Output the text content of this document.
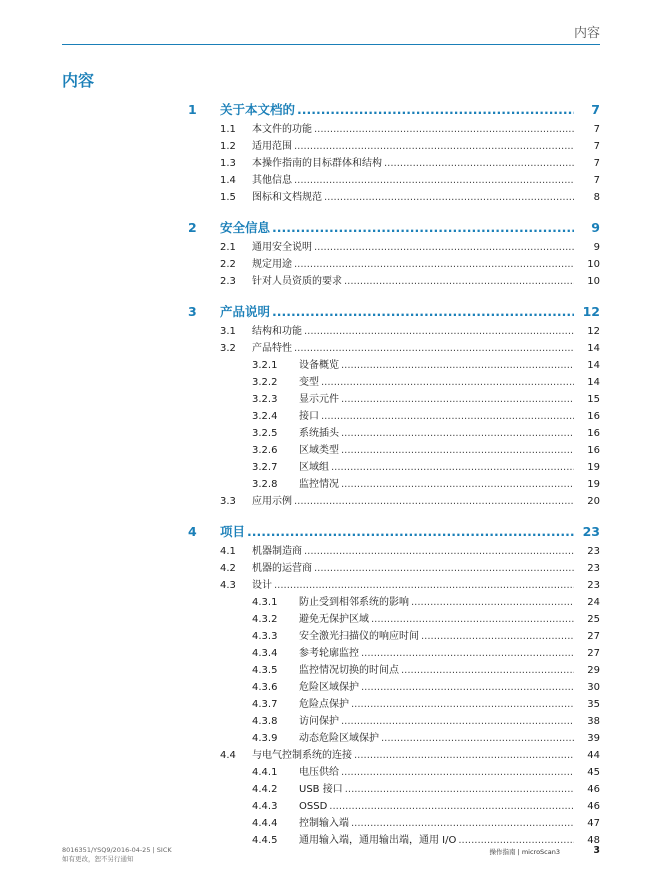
内容
内容
1 关于本文档的 .....	7
1.1 本文件的功能 .....	7
1.2 适用范围 .....	7
1.3 本操作指南的目标群体和结构 .....	7
1.4 其他信息 .....	7
1.5 图标和文档规范 .....	8
2 安全信息 .....	9
2.1 通用安全说明 .....	9
2.2 规定用途 .....	10
2.3 针对人员资质的要求 .....	10
3 产品说明 .....	12
3.1 结构和功能 .....	12
3.2 产品特性 .....	14
3.2.1 设备概览 .....	14
3.2.2 变型 .....	14
3.2.3 显示元件 .....	15
3.2.4 接口 .....	16
3.2.5 系统插头 .....	16
3.2.6 区域类型 .....	16
3.2.7 区域组 .....	19
3.2.8 监控情况 .....	19
3.3 应用示例 .....	20
4 项目 .....	23
4.1 机器制造商 .....	23
4.2 机器的运营商 .....	23
4.3 设计 .....	23
4.3.1 防止受到相邻系统的影响 .....	24
4.3.2 避免无保护区域 .....	25
4.3.3 安全激光扫描仪的响应时间 .....	27
4.3.4 参考轮廓监控 .....	27
4.3.5 监控情况切换的时间点 .....	29
4.3.6 危险区域保护 .....	30
4.3.7 危险点保护 .....	35
4.3.8 访问保护 .....	38
4.3.9 动态危险区域保护 .....	39
4.4 与电气控制系统的连接 .....	44
4.4.1 电压供给 .....	45
4.4.2 USB 接口 .....	46
4.4.3 OSSD .....	46
4.4.4 控制输入端 .....	47
4.4.5 通用输入端，通用输出端，通用 I/O .....	48
8016351/YSQ9/2016-04-25 | SICK
如有更改，恕不另行通知
操作指南 | microScan3	3
